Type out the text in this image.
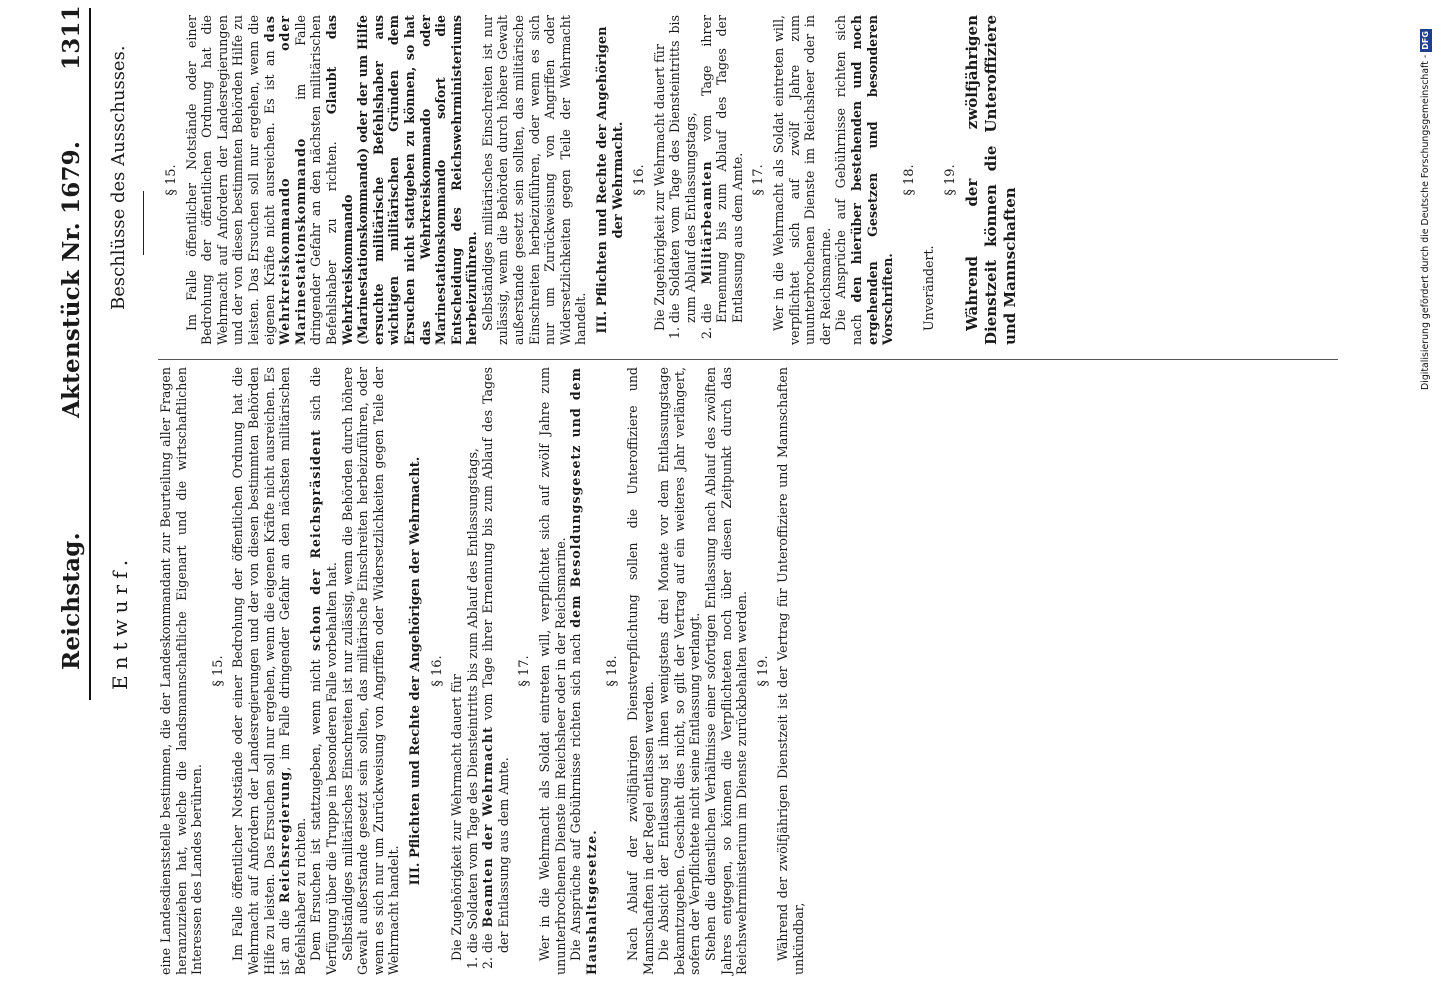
Reichstag.
Aktenstück Nr. 1679.
1311
Entwurf.
Beschlüsse des Ausschusses.

eine Landesdienststelle bestimmen, die der Landeskommandant zur Beurteilung aller Fragen heranzuziehen hat, welche die landsmannschaftliche Eigenart und die wirtschaftlichen Interessen des Landes berühren.

§ 15. Im Falle öffentlicher Notstände oder einer Bedrohung der öffentlichen Ordnung hat die Wehrmacht auf Anfordern der Landesregierungen und der von diesen bestimmten Behörden Hilfe zu leisten. Das Ersuchen soll nur ergehen, wenn die eigenen Kräfte nicht ausreichen. Es ist an die Reichsregierung, im Falle dringender Gefahr an den nächsten militärischen Befehlshaber zu richten. Dem Ersuchen ist stattzugeben, wenn nicht schon der Reichspräsident sich die Verfügung über die Truppe in besonderen Falle vorbehalten hat. Selbständiges militärisches Einschreiten ist nur zulässig, wenn die Behörden durch höhere Gewalt außerstande gesetzt sein sollten, das militärische Einschreiten herbeizuführen, oder wenn es sich nur um Zurückweisung von Angriffen oder Widersetzlichkeiten gegen Teile der Wehrmacht handelt.

III. Pflichten und Rechte der Angehörigen der Wehrmacht. § 16.

Die Zugehörigkeit zur Wehrmacht dauert für 1. die Soldaten vom Tage des Diensteintritts bis zum Ablauf des Entlassungstags, 2. die Beamten der Wehrmacht vom Tage ihrer Ernennung bis zum Ablauf des Tages der Entlassung aus dem Amte.
§ 17. Wer in die Wehrmacht als Soldat eintreten will, verpflichtet sich auf zwölf Jahre zum ununterbrochenen Dienste im Reichsheer oder in der Reichsmarine. Die Ansprüche auf Gebührnisse richten sich nach dem Besoldungsgesetz und dem Haushaltsgesetze.

§ 18. Nach Ablauf der zwölfjährigen Dienstverpflichtung sollen die Unteroffiziere und Mannschaften in der Regel entlassen werden. Die Absicht der Entlassung ist ihnen wenigstens drei Monate vor dem Entlassungstage bekanntzugeben. Geschieht dies nicht, so gilt der Vertrag auf ein weiteres Jahr verlängert, sofern der Verpflichtete nicht seine Entlassung verlangt. Stehen die dienstlichen Verhältnisse einer sofortigen Entlassung nach Ablauf des zwölften Jahres entgegen, so können die Verpflichteten noch über diesen Zeitpunkt durch das Reichswehrministerium im Dienste zurückbehalten werden. § 19. Während der zwölfjährigen Dienstzeit ist der Vertrag für Unteroffiziere und Mannschaften unkündbar,

§ 15. Im Falle öffentlicher Notstände oder einer Bedrohung der öffentlichen Ordnung hat die Wehrmacht auf Anfordern der Landesregierungen und der von diesen bestimmten Behörden Hilfe zu leisten. Das Ersuchen soll nur ergehen, wenn die eigenen Kräfte nicht ausreichen. Es ist an das Wehrkreiskommando oder Marinestationskommando im Falle dringender Gefahr an den nächsten militärischen Befehlshaber zu richten. Glaubt das Wehrkreiskommando (Marinestationskommando) oder der um Hilfe ersuchte militärische Befehlshaber aus wichtigen militärischen Gründen dem Ersuchen nicht stattgeben zu können, so hat das Wehrkreiskommando oder Marinestationskommando sofort die Entscheidung des Reichswehrministeriums herbeizuführen. Selbständiges militärisches Einschreiten ist nur zulässig, wenn die Behörden durch höhere Gewalt außerstande gesetzt sein sollten, das militärische Einschreiten herbeizuführen, oder wenn es sich nur um Zurückweisung von Angriffen oder Widersetzlichkeiten gegen Teile der Wehrmacht handelt. III. Pflichten und Rechte der Angehörigen der Wehrmacht. § 16. Die Zugehörigkeit zur Wehrmacht dauert für 1. die Soldaten vom Tage des Diensteintritts bis zum Ablauf des Entlassungstags, 2. die Militärbeamten vom Tage ihrer Ernennung bis zum Ablauf des Tages der Entlassung aus dem Amte. § 17. Wer in die Wehrmacht als Soldat eintreten will, verpflichtet sich auf zwölf Jahre zum ununterbrochenen Dienste im Reichsheer oder in der Reichsmarine. Die Ansprüche auf Gebührnisse richten sich nach den hierüber bestehenden und noch ergehenden Gesetzen und besonderen Vorschriften.

§ 18.

Unverändert.

§ 19. Während der zwölfjährigen Dienstzeit können die Unteroffiziere und Mannschaften	Digitalisierung gefördert durch die Deutsche Forschungsgemeinschaft -DFG
